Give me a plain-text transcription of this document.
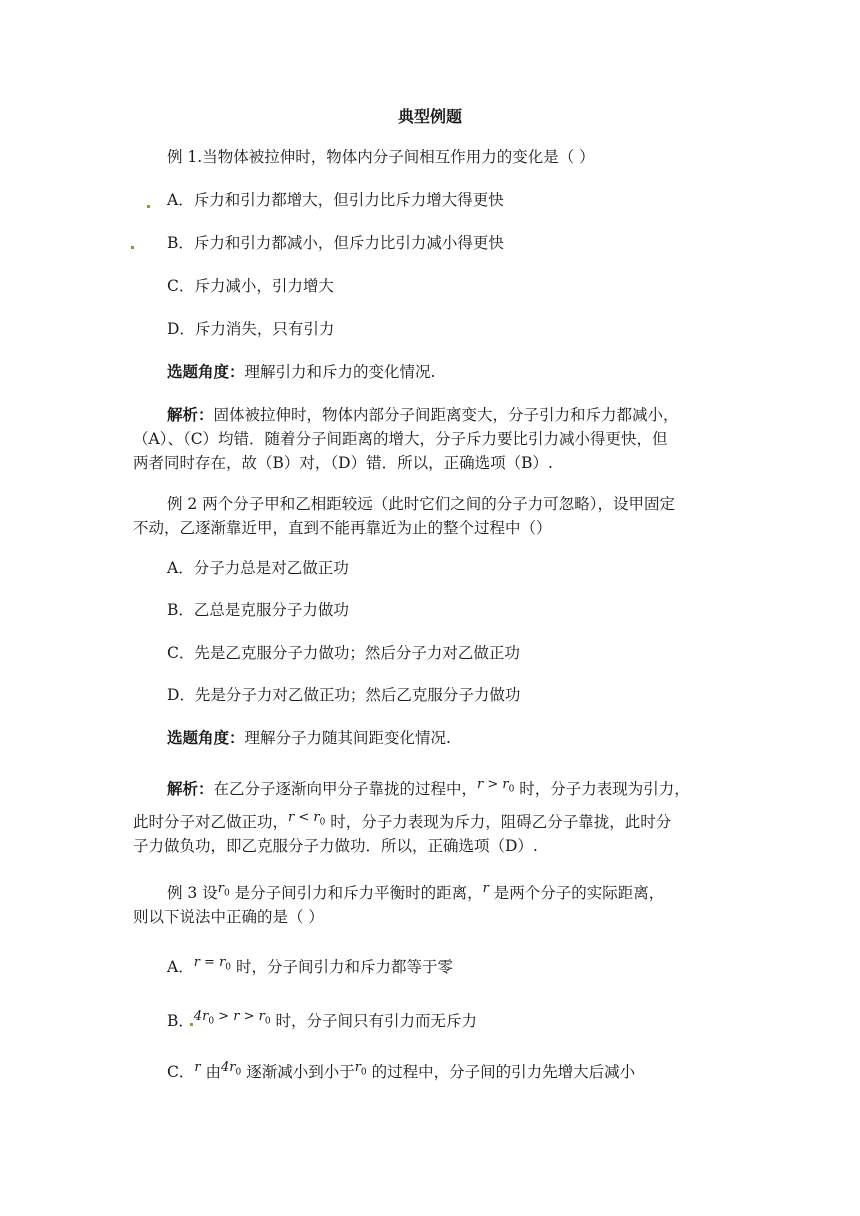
典型例题
例 1.当物体被拉伸时，物体内分子间相互作用力的变化是（ ）
A．斥力和引力都增大，但引力比斥力增大得更快
B．斥力和引力都减小，但斥力比引力减小得更快
C．斥力减小，引力增大
D．斥力消失，只有引力
选题角度：理解引力和斥力的变化情况.
解析：固体被拉伸时，物体内部分子间距离变大，分子引力和斥力都减小，
（A）、（C）均错．随着分子间距离的增大，分子斥力要比引力减小得更快，但
两者同时存在，故（B）对，（D）错．所以，正确选项（B）.
例 2 两个分子甲和乙相距较远（此时它们之间的分子力可忽略），设甲固定
不动，乙逐渐靠近甲，直到不能再靠近为止的整个过程中（）
A．分子力总是对乙做正功
B．乙总是克服分子力做功
C．先是乙克服分子力做功；然后分子力对乙做正功
D．先是分子力对乙做正功；然后乙克服分子力做功
选题角度：理解分子力随其间距变化情况.
解析：在乙分子逐渐向甲分子靠拢的过程中，$^{r > r_0}$ 时，分子力表现为引力，
此时分子对乙做正功，$^{r < r_0}$ 时，分子力表现为斥力，阻碍乙分子靠拢，此时分
子力做负功，即乙克服分子力做功．所以，正确选项（D）.
例 3 设$^{r_0}$ 是分子间引力和斥力平衡时的距离，$^r$ 是两个分子的实际距离，
则以下说法中正确的是（ ）
A．$^{r = r_0}$ 时，分子间引力和斥力都等于零
B．$^{4r_0 > r > r_0}$ 时，分子间只有引力而无斥力
C．$^r$ 由$^{4r_0}$ 逐渐减小到小于$^{r_0}$ 的过程中，分子间的引力先增大后减小
